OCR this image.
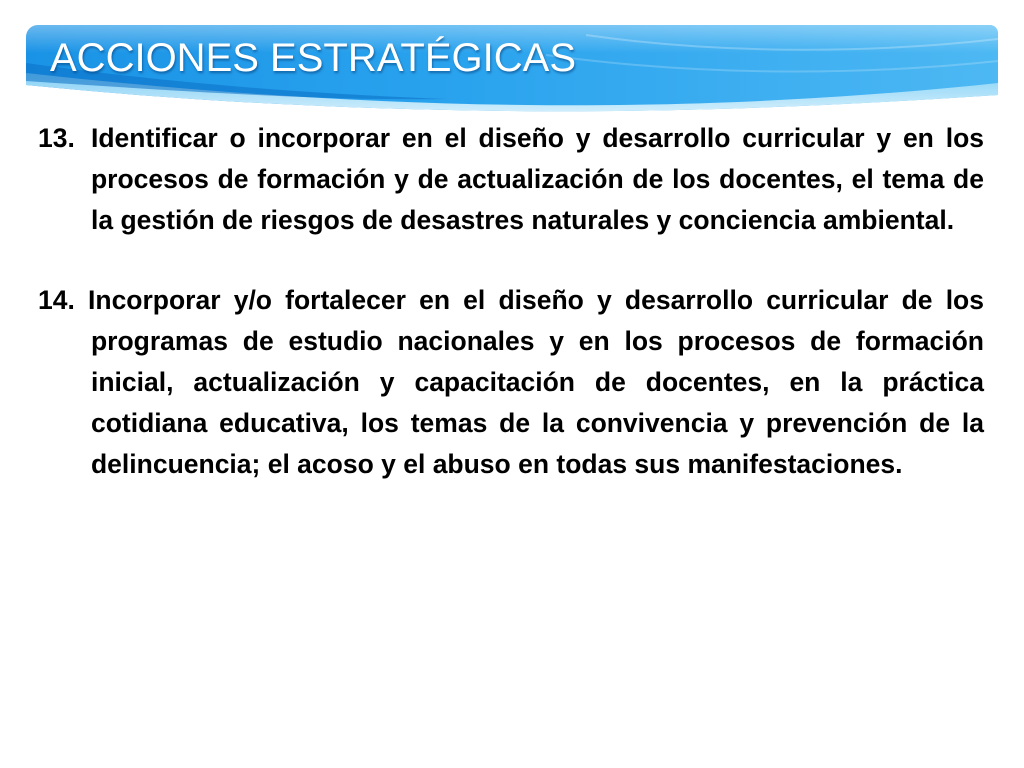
ACCIONES ESTRATÉGICAS
13. Identificar o incorporar en el diseño y desarrollo curricular y en los procesos de formación y de actualización de los docentes, el tema de la gestión de riesgos de desastres naturales y conciencia ambiental.
14. Incorporar y/o fortalecer en el diseño y desarrollo curricular de los programas de estudio nacionales y en los procesos de formación inicial, actualización y capacitación de docentes, en la práctica cotidiana educativa, los temas de la convivencia y prevención de la delincuencia; el acoso y el abuso en todas sus manifestaciones.
